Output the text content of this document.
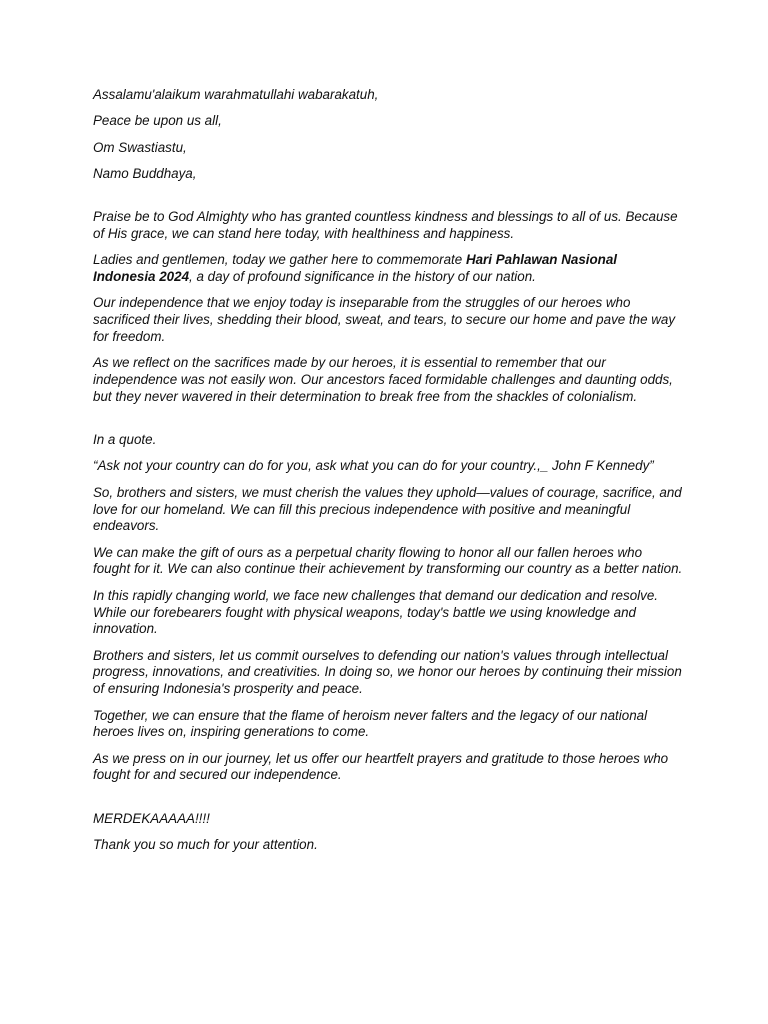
Assalamu'alaikum warahmatullahi wabarakatuh,

Peace be upon us all,

Om Swastiastu,

Namo Buddhaya,

Praise be to God Almighty who has granted countless kindness and blessings to all of us. Because of His grace, we can stand here today, with healthiness and happiness.

Ladies and gentlemen, today we gather here to commemorate Hari Pahlawan Nasional Indonesia 2024, a day of profound significance in the history of our nation.

Our independence that we enjoy today is inseparable from the struggles of our heroes who sacrificed their lives, shedding their blood, sweat, and tears, to secure our home and pave the way for freedom.

As we reflect on the sacrifices made by our heroes, it is essential to remember that our independence was not easily won. Our ancestors faced formidable challenges and daunting odds, but they never wavered in their determination to break free from the shackles of colonialism.

In a quote.

“Ask not your country can do for you, ask what you can do for your country.,_ John F Kennedy”

So, brothers and sisters, we must cherish the values they uphold—values of courage, sacrifice, and love for our homeland. We can fill this precious independence with positive and meaningful endeavors.

We can make the gift of ours as a perpetual charity flowing to honor all our fallen heroes who fought for it. We can also continue their achievement by transforming our country as a better nation.

In this rapidly changing world, we face new challenges that demand our dedication and resolve. While our forebearers fought with physical weapons, today's battle we using knowledge and innovation.

Brothers and sisters, let us commit ourselves to defending our nation's values through intellectual progress, innovations, and creativities. In doing so, we honor our heroes by continuing their mission of ensuring Indonesia's prosperity and peace.

Together, we can ensure that the flame of heroism never falters and the legacy of our national heroes lives on, inspiring generations to come.

As we press on in our journey, let us offer our heartfelt prayers and gratitude to those heroes who fought for and secured our independence.

MERDEKAAAAA!!!!

Thank you so much for your attention.
